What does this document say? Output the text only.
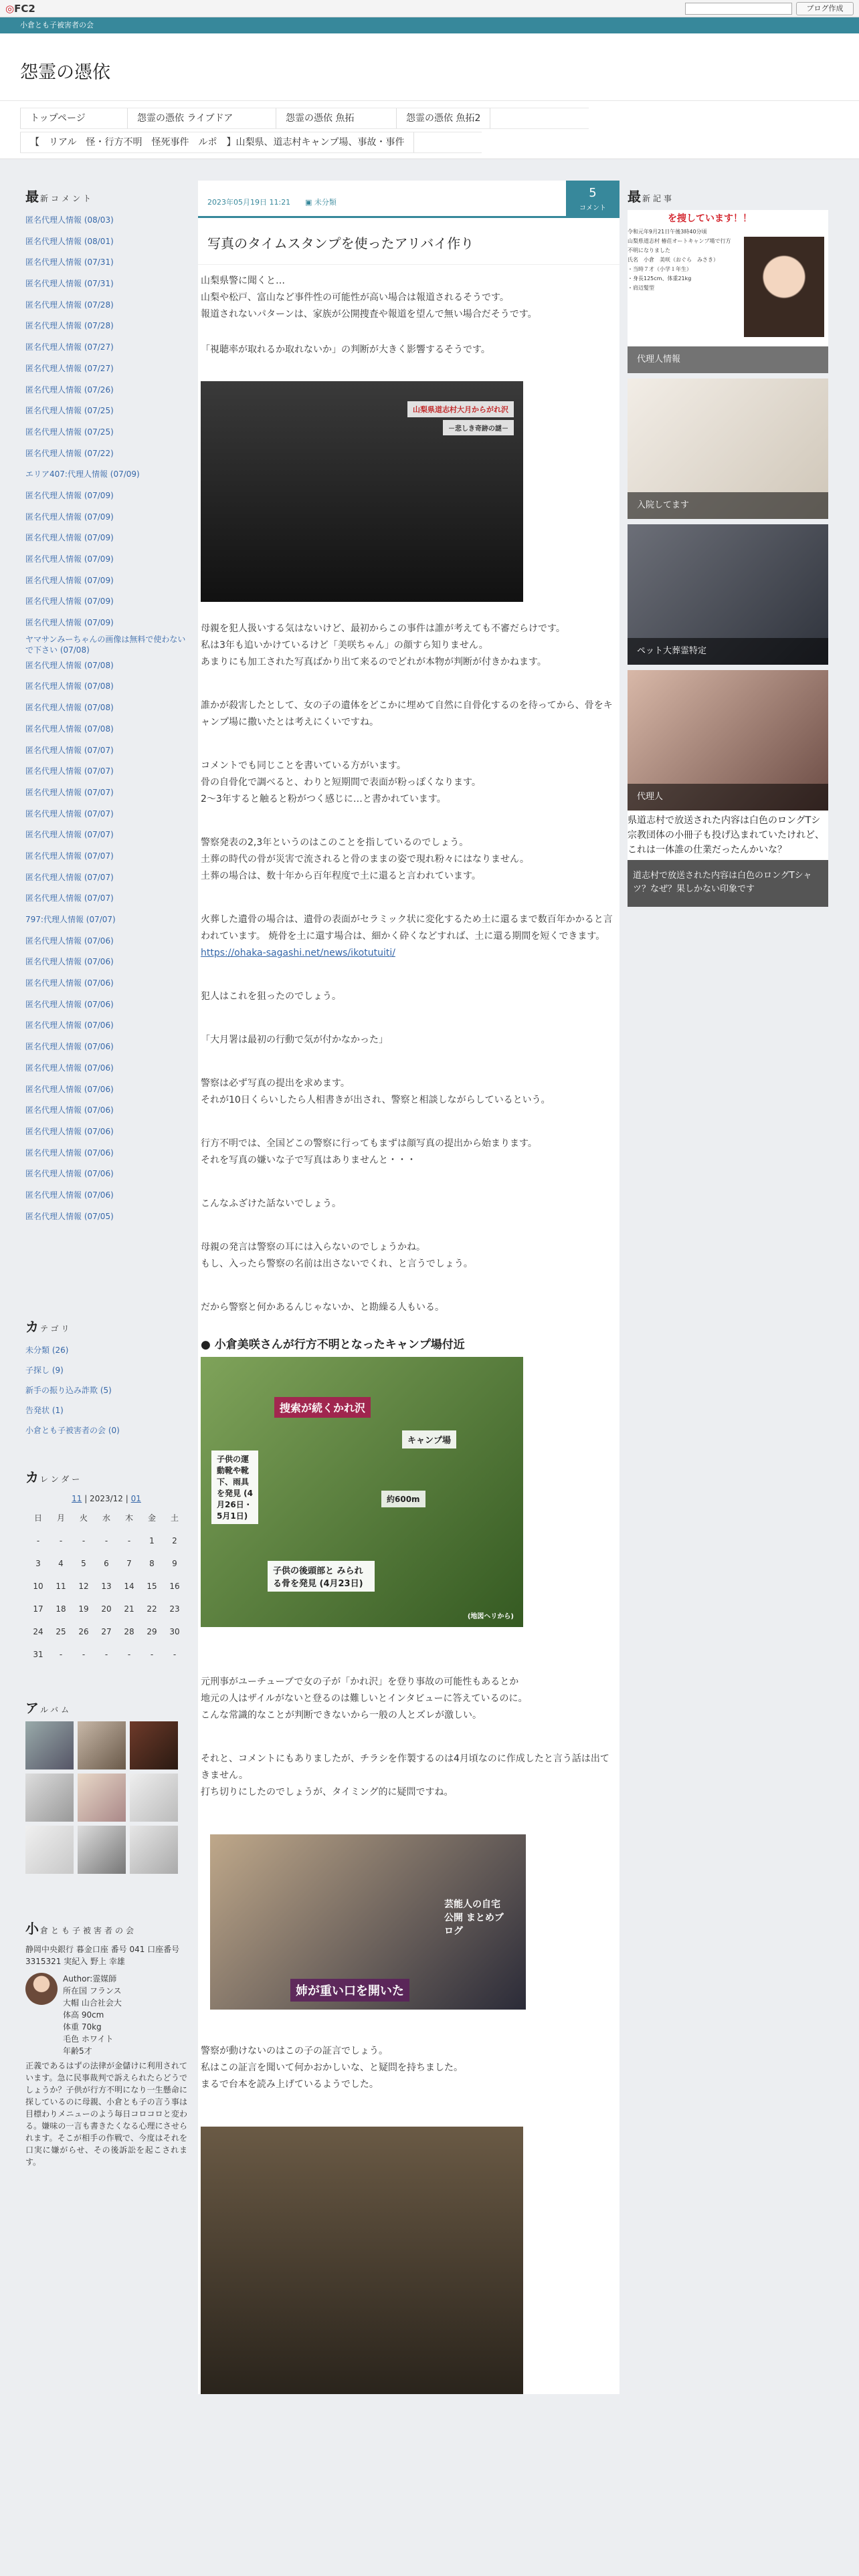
◎FC2	ブログ作成
小倉とも子被害者の会
怨霊の憑依
トップページ	怨霊の憑依 ライブドア	怨霊の憑依 魚拓	怨霊の憑依 魚拓2
【　リアル　怪・行方不明　怪死事件　ルポ　】山梨県、道志村キャンプ場、事故・事件
最 新コメント
匿名代理人情報 (08/03)
匿名代理人情報 (08/01)
匿名代理人情報 (07/31)
匿名代理人情報 (07/31)
匿名代理人情報 (07/28)
匿名代理人情報 (07/28)
匿名代理人情報 (07/27)
匿名代理人情報 (07/27)
匿名代理人情報 (07/26)
匿名代理人情報 (07/25)
匿名代理人情報 (07/25)
匿名代理人情報 (07/22)
エリア407:代理人情報 (07/09)
匿名代理人情報 (07/09)
匿名代理人情報 (07/09)
匿名代理人情報 (07/09)
匿名代理人情報 (07/09)
匿名代理人情報 (07/09)
匿名代理人情報 (07/09)
匿名代理人情報 (07/09)
ヤマサンみーちゃんの画像は無料で使わないで下さい (07/08)
匿名代理人情報 (07/08)
匿名代理人情報 (07/08)
匿名代理人情報 (07/08)
匿名代理人情報 (07/08)
匿名代理人情報 (07/07)
匿名代理人情報 (07/07)
匿名代理人情報 (07/07)
匿名代理人情報 (07/07)
匿名代理人情報 (07/07)
匿名代理人情報 (07/07)
匿名代理人情報 (07/07)
匿名代理人情報 (07/07)
797:代理人情報 (07/07)
匿名代理人情報 (07/06)
匿名代理人情報 (07/06)
匿名代理人情報 (07/06)
匿名代理人情報 (07/06)
匿名代理人情報 (07/06)
匿名代理人情報 (07/06)
匿名代理人情報 (07/06)
匿名代理人情報 (07/06)
匿名代理人情報 (07/06)
匿名代理人情報 (07/06)
匿名代理人情報 (07/06)
匿名代理人情報 (07/06)
匿名代理人情報 (07/06)
匿名代理人情報 (07/05)
カ テゴリ
未分類 (26)
子探し (9)
新手の振り込み詐欺 (5)
告発状 (1)
小倉とも子被害者の会 (0)
カ レンダー
11 | 2023/12 | 01
日	月	火	水	木	金	土
-	-	-	-	-	1	2
3	4	5	6	7	8	9
10	11	12	13	14	15	16
17	18	19	20	21	22	23
24	25	26	27	28	29	30
31	-	-	-	-	-	-
ア ルバム
小 倉とも子被害者の会
静岡中央銀行 暮金口座 番号 041 口座番号 3315321 実紀入 野上 幸雄
Author:霊媒師
所在国 フランス
大帽 山合社会大
体高 90cm
体重 70kg
毛色 ホワイト
年齢5才
正義であるはずの法律が金儲けに利用されています。急に民事裁判で訴えられたらどうでしょうか？子供が行方不明になり一生懸命に探しているのに母親、小倉とも子の言う事は目標わりメニューのよう毎日コロコロと変わる。嫌味の一言も書きたくなる心理にさせられます。そこが相手の作戦で、今度はそれを口実に嫌がらせ、その後訴訟を起こされます。
2023年05月19日 11:21 ▣ 未分類
5
コメント
写真のタイムスタンプを使ったアリバイ作り
山梨県警に聞くと…
山梨や松戸、富山など事件性の可能性が高い場合は報道されるそうです。
報道されないパターンは、家族が公開捜査や報道を望んで無い場合だそうです。
「視聴率が取れるか取れないか」の判断が大きく影響するそうです。
山梨県道志村大月からがれ沢
－悲しき奇跡の謎－
母親を犯人扱いする気はないけど、最初からこの事件は誰が考えても不審だらけです。
私は3年も追いかけているけど「美咲ちゃん」の顔すら知りません。
あまりにも加工された写真ばかり出て来るのでどれが本物が判断が付きかねます。
誰かが殺害したとして、女の子の遺体をどこかに埋めて自然に自骨化するのを待ってから、骨をキャンプ場に撒いたとは考えにくいですね。
コメントでも同じことを書いている方がいます。
骨の自骨化で調べると、わりと短期間で表面が粉っぽくなります。
2〜3年すると触ると粉がつく感じに…と書かれています。
警察発表の2,3年というのはこのことを指しているのでしょう。
土葬の時代の骨が災害で流されると骨のままの姿で現れ粉々にはなりません。
土葬の場合は、数十年から百年程度で土に還ると言われています。
火葬した遺骨の場合は、遺骨の表面がセラミック状に変化するため土に還るまで数百年かかると言われています。 焼骨を土に還す場合は、細かく砕くなどすれば、土に還る期間を短くできます。
https://ohaka-sagashi.net/news/ikotutuiti/
犯人はこれを狙ったのでしょう。
「大月署は最初の行動で気が付かなかった」
警察は必ず写真の提出を求めます。
それが10日くらいしたら人相書きが出され、警察と相談しながらしているという。
行方不明では、全国どこの警察に行ってもまずは顔写真の提出から始まります。
それを写真の嫌いな子で写真はありませんと・・・
こんなふざけた話ないでしょう。
母親の発言は警察の耳には入らないのでしょうかね。
もし、入ったら警察の名前は出さないでくれ、と言うでしょう。
だから警察と何かあるんじゃないか、と勘繰る人もいる。
● 小倉美咲さんが行方不明となったキャンプ場付近
捜索が続くかれ沢
キャンプ場
約600m
子供の後頭部と みられる骨を発見 (4月23日)
子供の運動靴や靴下、雨具を発見 (4月26日・5月1日)
(地図ヘリから)
元刑事がユーチューブで女の子が「かれ沢」を登り事故の可能性もあるとか
地元の人はザイルがないと登るのは難しいとインタビューに答えているのに。
こんな常識的なことが判断できないから一般の人とズレが激しい。
それと、コメントにもありましたが、チラシを作製するのは4月頃なのに作成したと言う話は出てきません。
打ち切りにしたのでしょうが、タイミング的に疑問ですね。
芸能人の自宅公開 まとめブログ
姉が重い口を開いた
警察が動けないのはこの子の証言でしょう。
私はこの証言を聞いて何かおかしいな、と疑問を持ちました。
まるで台本を読み上げているようでした。
最 新記事
を捜しています！！
令和元年9月21日午後3時40分頃
山梨県道志村 椿荘オートキャンプ場で行方不明になりました
氏名　小倉　美咲（おぐら　みさき）
・当時７才（小学１年生）
・身長125cm、体重21kg
・肩辺髪型
代理人情報
入院してます
ペット大葬霊特定
代理人
県道志村で放送された内容は白色のロングTシ
宗教団体の小冊子も投げ込まれていたけれど、
これは一体誰の仕業だったんかいな？
道志村で放送された内容は白色のロングTシャツ？なぜ？果しかない印象です
